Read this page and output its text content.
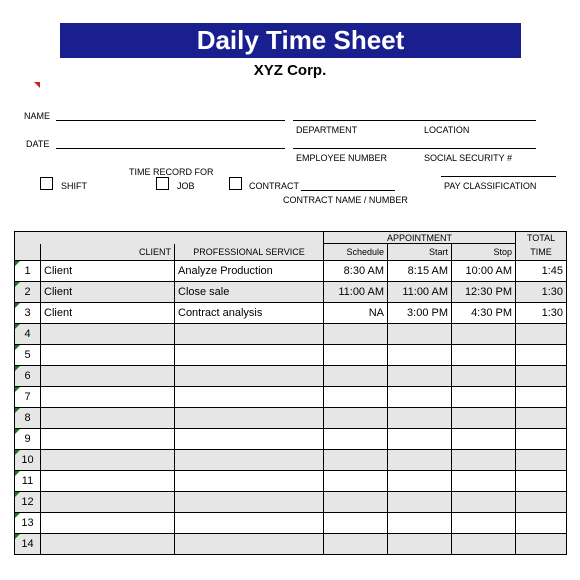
Daily Time Sheet
XYZ Corp.
NAME
DEPARTMENT	LOCATION
DATE
EMPLOYEE NUMBER	SOCIAL SECURITY #
TIME RECORD FOR
SHIFT	JOB	CONTRACT
CONTRACT NAME / NUMBER
PAY CLASSIFICATION
			APPOINTMENT			TOTAL
	CLIENT	PROFESSIONAL SERVICE	Schedule	Start	Stop	TIME

1	Client	Analyze Production	8:30 AM	8:15 AM	10:00 AM	1:45

2	Client	Close sale	11:00 AM	11:00 AM	12:30 PM	1:30

3	Client	Contract analysis	NA	3:00 PM	4:30 PM	1:30

4						

5						

6						

7						

8						

9						

10						

11						

12						

13						

14						
